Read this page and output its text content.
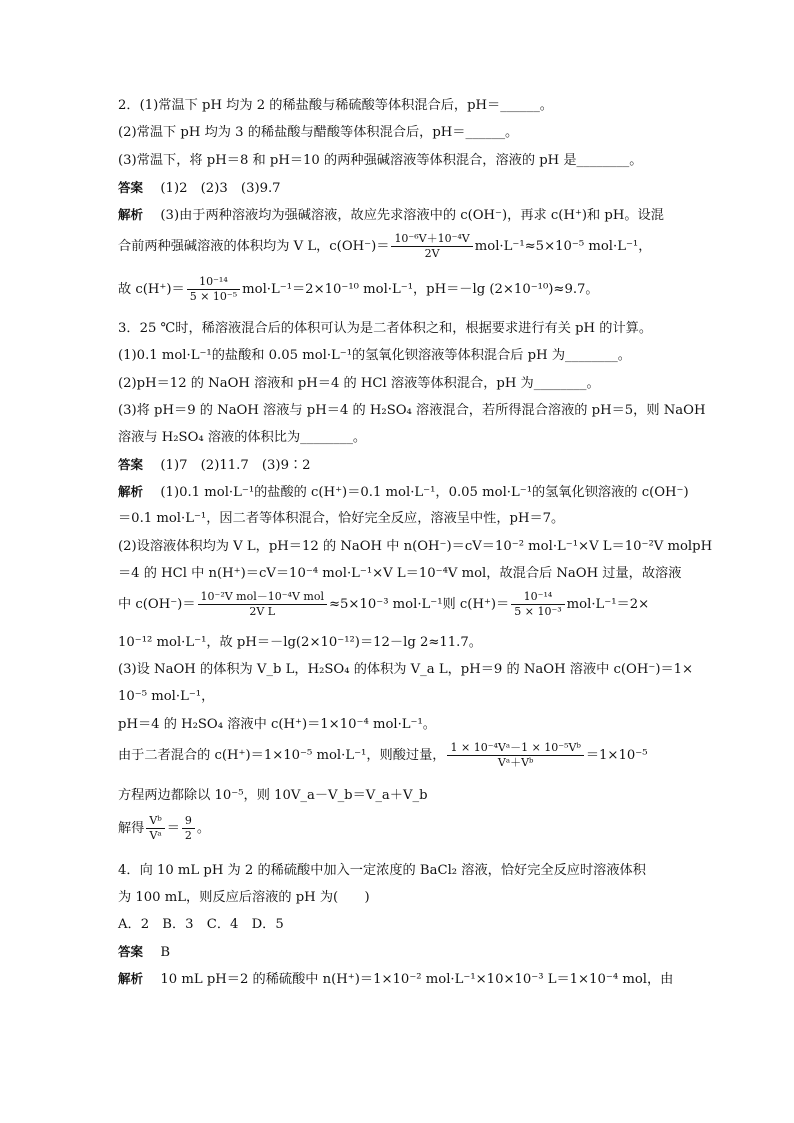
2．(1)常温下 pH 均为 2 的稀盐酸与稀硫酸等体积混合后，pH＝______。
(2)常温下 pH 均为 3 的稀盐酸与醋酸等体积混合后，pH＝______。
(3)常温下，将 pH＝8 和 pH＝10 的两种强碱溶液等体积混合，溶液的 pH 是________。
答案　 (1)2　(2)3　(3)9.7
解析　 (3)由于两种溶液均为强碱溶液，故应先求溶液中的 c(OH⁻)，再求 c(H⁺)和 pH。设混
合前两种强碱溶液的体积均为 V L，$c(OH^-)= \frac{\text{10⁻⁶V＋10⁻⁴V}}{2V} mol\cdot L^{-1}\approx 5\times 10^{-5}$ mol·L⁻¹，
故 $c(H^+)= \frac{\text{10⁻¹⁴}}{\text{5 × 10⁻⁵}} mol\cdot L^{-1}=2\times 10^{-10}$ mol·L⁻¹，pH＝－lg (2×10⁻¹⁰)≈9.7。
3．25 ℃时，稀溶液混合后的体积可认为是二者体积之和，根据要求进行有关 pH 的计算。
(1)0.1 mol·L⁻¹的盐酸和 0.05 mol·L⁻¹的氢氧化钡溶液等体积混合后 pH 为________。
(2)pH＝12 的 NaOH 溶液和 pH＝4 的 HCl 溶液等体积混合，pH 为________。
(3)将 pH＝9 的 NaOH 溶液与 pH＝4 的 H₂SO₄ 溶液混合，若所得混合溶液的 pH＝5，则 NaOH
溶液与 H₂SO₄ 溶液的体积比为________。
答案　 (1)7　(2)11.7　(3)9∶2
解析　 (1)0.1 mol·L⁻¹的盐酸的 c(H⁺)＝0.1 mol·L⁻¹，0.05 mol·L⁻¹的氢氧化钡溶液的 c(OH⁻)
＝0.1 mol·L⁻¹，因二者等体积混合，恰好完全反应，溶液呈中性，pH＝7。
(2)设溶液体积均为 V L，pH＝12 的 NaOH 中 n(OH⁻)＝cV＝10⁻² mol·L⁻¹×V L＝10⁻²V molpH
＝4 的 HCl 中 n(H⁺)＝cV＝10⁻⁴ mol·L⁻¹×V L＝10⁻⁴V mol，故混合后 NaOH 过量，故溶液
中 $c(OH^-)= \frac{\text{10⁻²V mol－10⁻⁴V mol}}{\text{2V L}} \approx 5\times 10^{-3}$ mol·L⁻¹则 $c(H^+)= \frac{\text{10⁻¹⁴}}{\text{5 × 10⁻³}} mol\cdot L^{-1}=2\times$
10⁻¹² mol·L⁻¹，故 pH＝－lg(2×10⁻¹²)＝12－lg 2≈11.7。
(3)设 NaOH 的体积为 V_b L，H₂SO₄ 的体积为 V_a L，pH＝9 的 NaOH 溶液中 c(OH⁻)＝1×
10⁻⁵ mol·L⁻¹，
pH＝4 的 H₂SO₄ 溶液中 c(H⁺)＝1×10⁻⁴ mol·L⁻¹。
由于二者混合的 c(H⁺)＝1×10⁻⁵ mol·L⁻¹，则酸过量， $\frac{\text{1 × 10⁻⁴Vᵃ－1 × 10⁻⁵Vᵇ}}{\text{Vᵃ＋Vᵇ}} =1\times 10^{-5}$
方程两边都除以 10⁻⁵，则 10V_a－V_b＝V_a＋V_b
解得 $\frac{\text{Vᵇ}}{\text{Vᵃ}} = \frac{9}{2}$ 。
4．向 10 mL pH 为 2 的稀硫酸中加入一定浓度的 BaCl₂ 溶液，恰好完全反应时溶液体积
为 100 mL，则反应后溶液的 pH 为(　　)
A．2　B．3　C．4　D．5
答案　 B
解析　 10 mL pH＝2 的稀硫酸中 n(H⁺)＝1×10⁻² mol·L⁻¹×10×10⁻³ L＝1×10⁻⁴ mol，由
